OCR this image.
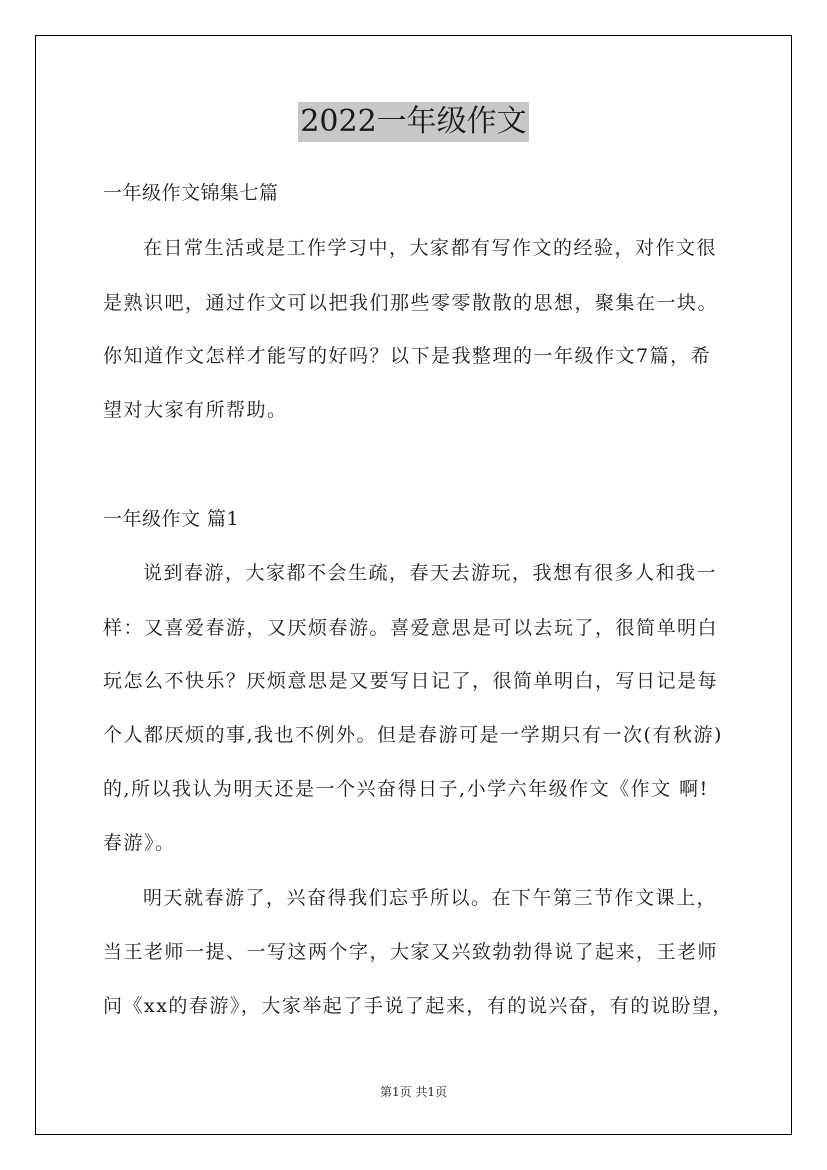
2022一年级作文
一年级作文锦集七篇
在日常生活或是工作学习中，大家都有写作文的经验，对作文很
是熟识吧，通过作文可以把我们那些零零散散的思想，聚集在一块。
你知道作文怎样才能写的好吗？以下是我整理的一年级作文7篇，希
望对大家有所帮助。
一年级作文 篇1
说到春游，大家都不会生疏，春天去游玩，我想有很多人和我一
样：又喜爱春游，又厌烦春游。喜爱意思是可以去玩了，很简单明白
玩怎么不快乐？厌烦意思是又要写日记了，很简单明白，写日记是每
个人都厌烦的事,我也不例外。但是春游可是一学期只有一次(有秋游)
的,所以我认为明天还是一个兴奋得日子,小学六年级作文《作文 啊!
春游》。
明天就春游了，兴奋得我们忘乎所以。在下午第三节作文课上，
当王老师一提、一写这两个字，大家又兴致勃勃得说了起来，王老师
问《xx的春游》，大家举起了手说了起来，有的说兴奋，有的说盼望，
第1页 共1页
